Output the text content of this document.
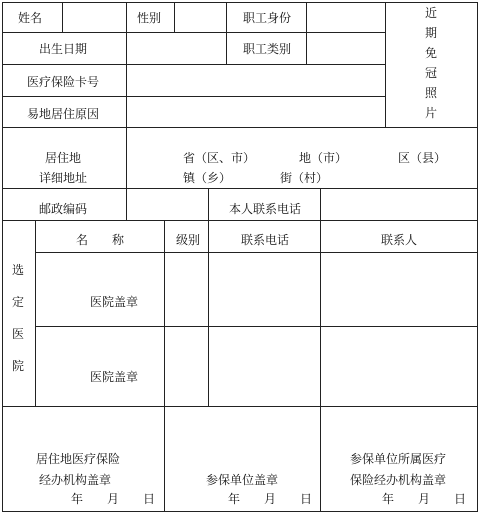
姓名	性别	职工身份
出生日期	职工类别
医疗保险卡号
易地居住原因
近
期
免
冠
照
片
居住地
详细地址
省（区、市）	地（市）	区（县）
镇（乡）	街（村）
邮政编码	本人联系电话
选
定
医
院
名　　称	级别	联系电话	联系人
医院盖章
医院盖章
居住地医疗保险
经办机构盖章
年　　月　　日
参保单位盖章
年　　月　　日
参保单位所属医疗
保险经办机构盖章
年　　月　　日
